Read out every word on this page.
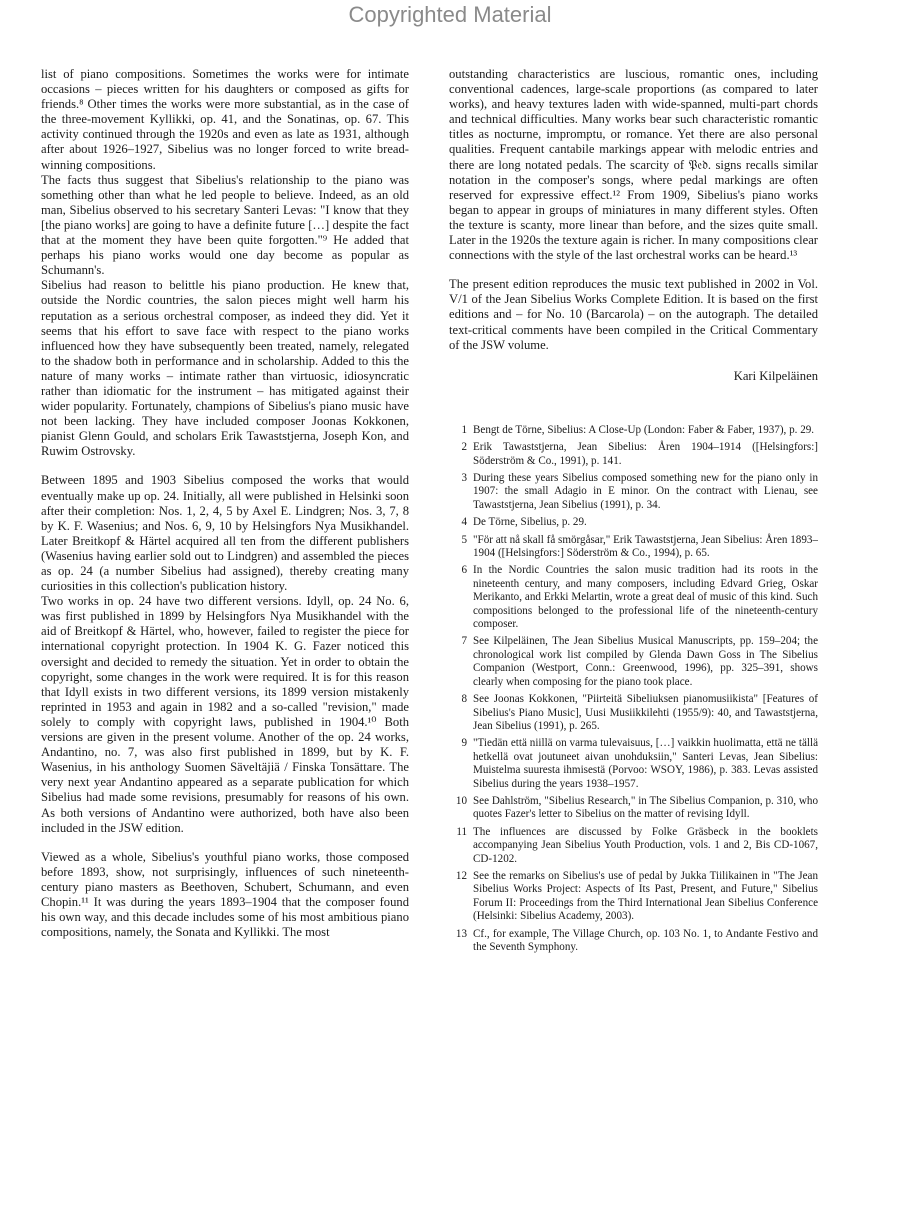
Copyrighted Material

list of piano compositions. Sometimes the works were for intimate occasions – pieces written for his daughters or composed as gifts for friends.⁸ Other times the works were more substantial, as in the case of the three-movement Kyllikki, op. 41, and the Sonatinas, op. 67. This activity continued through the 1920s and even as late as 1931, although after about 1926–1927, Sibelius was no longer forced to write bread-winning compositions.

The facts thus suggest that Sibelius's relationship to the piano was something other than what he led people to believe. Indeed, as an old man, Sibelius observed to his secretary Santeri Levas: "I know that they [the piano works] are going to have a definite future […] despite the fact that at the moment they have been quite forgotten."⁹ He added that perhaps his piano works would one day become as popular as Schumann's.

Sibelius had reason to belittle his piano production. He knew that, outside the Nordic countries, the salon pieces might well harm his reputation as a serious orchestral composer, as indeed they did. Yet it seems that his effort to save face with respect to the piano works influenced how they have subsequently been treated, namely, relegated to the shadow both in performance and in scholarship. Added to this the nature of many works – intimate rather than virtuosic, idiosyncratic rather than idiomatic for the instrument – has mitigated against their wider popularity. Fortunately, champions of Sibelius's piano music have not been lacking. They have included composer Joonas Kokkonen, pianist Glenn Gould, and scholars Erik Tawaststjerna, Joseph Kon, and Ruwim Ostrovsky.

Between 1895 and 1903 Sibelius composed the works that would eventually make up op. 24. Initially, all were published in Helsinki soon after their completion: Nos. 1, 2, 4, 5 by Axel E. Lindgren; Nos. 3, 7, 8 by K. F. Wasenius; and Nos. 6, 9, 10 by Helsingfors Nya Musikhandel. Later Breitkopf & Härtel acquired all ten from the different publishers (Wasenius having earlier sold out to Lindgren) and assembled the pieces as op. 24 (a number Sibelius had assigned), thereby creating many curiosities in this collection's publication history.

Two works in op. 24 have two different versions. Idyll, op. 24 No. 6, was first published in 1899 by Helsingfors Nya Musikhandel with the aid of Breitkopf & Härtel, who, however, failed to register the piece for international copyright protection. In 1904 K. G. Fazer noticed this oversight and decided to remedy the situation. Yet in order to obtain the copyright, some changes in the work were required. It is for this reason that Idyll exists in two different versions, its 1899 version mistakenly reprinted in 1953 and again in 1982 and a so-called "revision," made solely to comply with copyright laws, published in 1904.¹⁰ Both versions are given in the present volume. Another of the op. 24 works, Andantino, no. 7, was also first published in 1899, but by K. F. Wasenius, in his anthology Suomen Säveltäjiä / Finska Tonsättare. The very next year Andantino appeared as a separate publication for which Sibelius had made some revisions, presumably for reasons of his own. As both versions of Andantino were authorized, both have also been included in the JSW edition.

Viewed as a whole, Sibelius's youthful piano works, those composed before 1893, show, not surprisingly, influences of such nineteenth-century piano masters as Beethoven, Schubert, Schumann, and even Chopin.¹¹ It was during the years 1893–1904 that the composer found his own way, and this decade includes some of his most ambitious piano compositions, namely, the Sonata and Kyllikki. The most

outstanding characteristics are luscious, romantic ones, including conventional cadences, large-scale proportions (as compared to later works), and heavy textures laden with wide-spanned, multi-part chords and technical difficulties. Many works bear such characteristic romantic titles as nocturne, impromptu, or romance. Yet there are also personal qualities. Frequent cantabile markings appear with melodic entries and there are long notated pedals. The scarcity of 𝔓𝔢𝔡. signs recalls similar notation in the composer's songs, where pedal markings are often reserved for expressive effect.¹² From 1909, Sibelius's piano works began to appear in groups of miniatures in many different styles. Often the texture is scanty, more linear than before, and the sizes quite small. Later in the 1920s the texture again is richer. In many compositions clear connections with the style of the last orchestral works can be heard.¹³

The present edition reproduces the music text published in 2002 in Vol. V/1 of the Jean Sibelius Works Complete Edition. It is based on the first editions and – for No. 10 (Barcarola) – on the autograph. The detailed text-critical comments have been compiled in the Critical Commentary of the JSW volume.

Kari Kilpeläinen
1 Bengt de Törne, Sibelius: A Close-Up (London: Faber & Faber, 1937), p. 29.
2 Erik Tawaststjerna, Jean Sibelius: Åren 1904–1914 ([Helsingfors:] Söderström & Co., 1991), p. 141.
3 During these years Sibelius composed something new for the piano only in 1907: the small Adagio in E minor. On the contract with Lienau, see Tawaststjerna, Jean Sibelius (1991), p. 34.
4 De Törne, Sibelius, p. 29.
5 "För att nå skall få smörgåsar," Erik Tawaststjerna, Jean Sibelius: Åren 1893–1904 ([Helsingfors:] Söderström & Co., 1994), p. 65.
6 In the Nordic Countries the salon music tradition had its roots in the nineteenth century, and many composers, including Edvard Grieg, Oskar Merikanto, and Erkki Melartin, wrote a great deal of music of this kind. Such compositions belonged to the professional life of the nineteenth-century composer.
7 See Kilpeläinen, The Jean Sibelius Musical Manuscripts, pp. 159–204; the chronological work list compiled by Glenda Dawn Goss in The Sibelius Companion (Westport, Conn.: Greenwood, 1996), pp. 325–391, shows clearly when composing for the piano took place.
8 See Joonas Kokkonen, "Piirteitä Sibeliuksen pianomusiikista" [Features of Sibelius's Piano Music], Uusi Musiikkilehti (1955/9): 40, and Tawaststjerna, Jean Sibelius (1991), p. 265.
9 "Tiedän että niillä on varma tulevaisuus, […] vaikkin huolimatta, että ne tällä hetkellä ovat joutuneet aivan unohduksiin," Santeri Levas, Jean Sibelius: Muistelma suuresta ihmisestä (Porvoo: WSOY, 1986), p. 383. Levas assisted Sibelius during the years 1938–1957.
10 See Dahlström, "Sibelius Research," in The Sibelius Companion, p. 310, who quotes Fazer's letter to Sibelius on the matter of revising Idyll.
11 The influences are discussed by Folke Gräsbeck in the booklets accompanying Jean Sibelius Youth Production, vols. 1 and 2, Bis CD-1067, CD-1202.
12 See the remarks on Sibelius's use of pedal by Jukka Tiilikainen in "The Jean Sibelius Works Project: Aspects of Its Past, Present, and Future," Sibelius Forum II: Proceedings from the Third International Jean Sibelius Conference (Helsinki: Sibelius Academy, 2003).
13 Cf., for example, The Village Church, op. 103 No. 1, to Andante Festivo and the Seventh Symphony.
